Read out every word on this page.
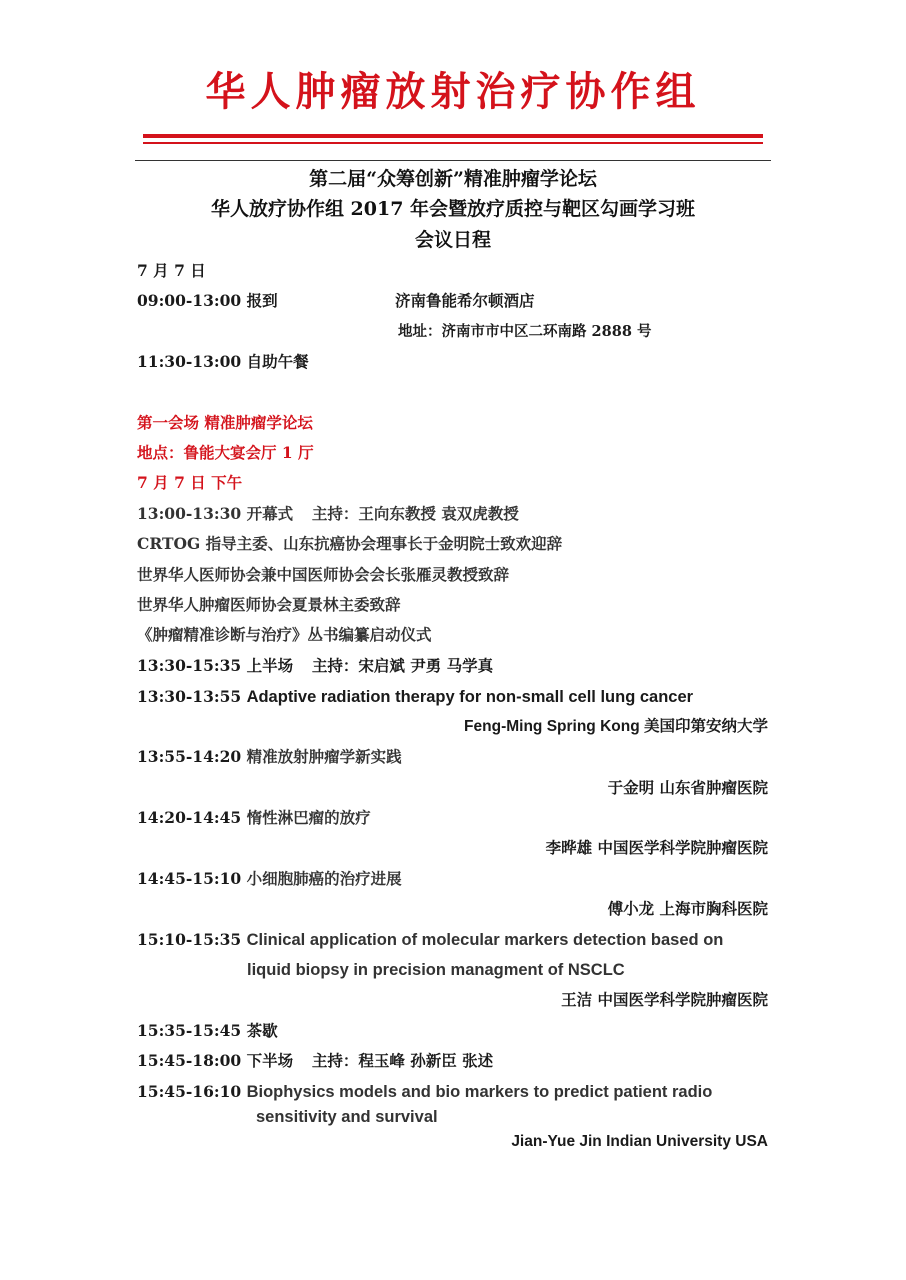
华人肿瘤放射治疗协作组
第二届“众筹创新”精准肿瘤学论坛
华人放疗协作组 2017 年会暨放疗质控与靶区勾画学习班
会议日程
7 月 7 日
09:00-13:00 报到	济南鲁能希尔顿酒店
地址：济南市市中区二环南路 2888 号
11:30-13:00 自助午餐
第一会场 精准肿瘤学论坛
地点：鲁能大宴会厅 1 厅
7 月 7 日 下午
13:00-13:30 开幕式 主持：王向东教授 袁双虎教授
CRTOG 指导主委、山东抗癌协会理事长于金明院士致欢迎辞
世界华人医师协会兼中国医师协会会长张雁灵教授致辞
世界华人肿瘤医师协会夏景林主委致辞
《肿瘤精准诊断与治疗》丛书编纂启动仪式
13:30-15:35 上半场 主持：宋启斌 尹勇 马学真
13:30-13:55 Adaptive radiation therapy for non-small cell lung cancer
Feng-Ming Spring Kong 美国印第安纳大学
13:55-14:20 精准放射肿瘤学新实践
于金明 山东省肿瘤医院
14:20-14:45 惰性淋巴瘤的放疗
李晔雄 中国医学科学院肿瘤医院
14:45-15:10 小细胞肺癌的治疗进展
傅小龙 上海市胸科医院
15:10-15:35 Clinical application of molecular markers detection based on
liquid biopsy in precision managment of NSCLC
王洁 中国医学科学院肿瘤医院
15:35-15:45 茶歇
15:45-18:00 下半场 主持：程玉峰 孙新臣 张述
15:45-16:10 Biophysics models and bio markers to predict patient radio
sensitivity and survival
Jian-Yue Jin Indian University USA
